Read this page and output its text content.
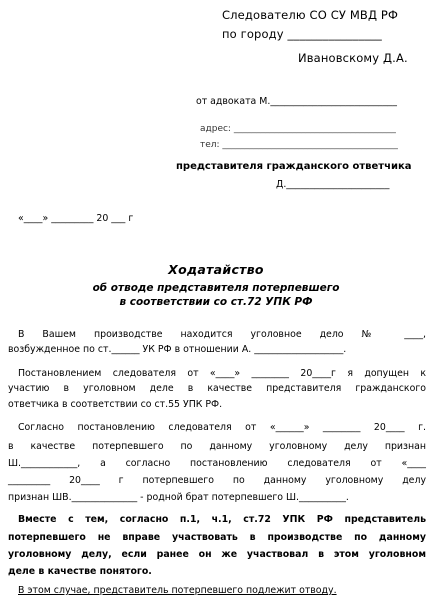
Следователю СО СУ МВД РФ
по городу ________________
Ивановскому Д.А.
от адвоката М.___________________________
адрес: ____________________________________
тел: _______________________________________
представителя гражданского ответчика
Д.______________________
«____» _________ 20 ___ г
Ходатайство
об отводе представителя потерпевшего
в соответствии со ст.72 УПК РФ
В Вашем производстве находится уголовное дело № ____,
возбужденное по ст.______ УК РФ в отношении А. ___________________.
Постановлением следователя от «____» ________ 20____г я допущен к
участию в уголовном деле в качестве представителя гражданского
ответчика в соответствии со ст.55 УПК РФ.
Согласно постановлению следователя от «______» ________ 20____ г.
в качестве потерпевшего по данному уголовному делу признан
Ш.____________, а согласно постановлению следователя от «____
_________ 20____ г потерпевшего по данному уголовному делу
признан ШВ.______________ - родной брат потерпевшего Ш.__________.
Вместе с тем, согласно п.1, ч.1, ст.72 УПК РФ представитель
потерпевшего не вправе участвовать в производстве по данному
уголовному делу, если ранее он же участвовал в этом уголовном
деле в качестве понятого.
В этом случае, представитель потерпевшего подлежит отводу.
